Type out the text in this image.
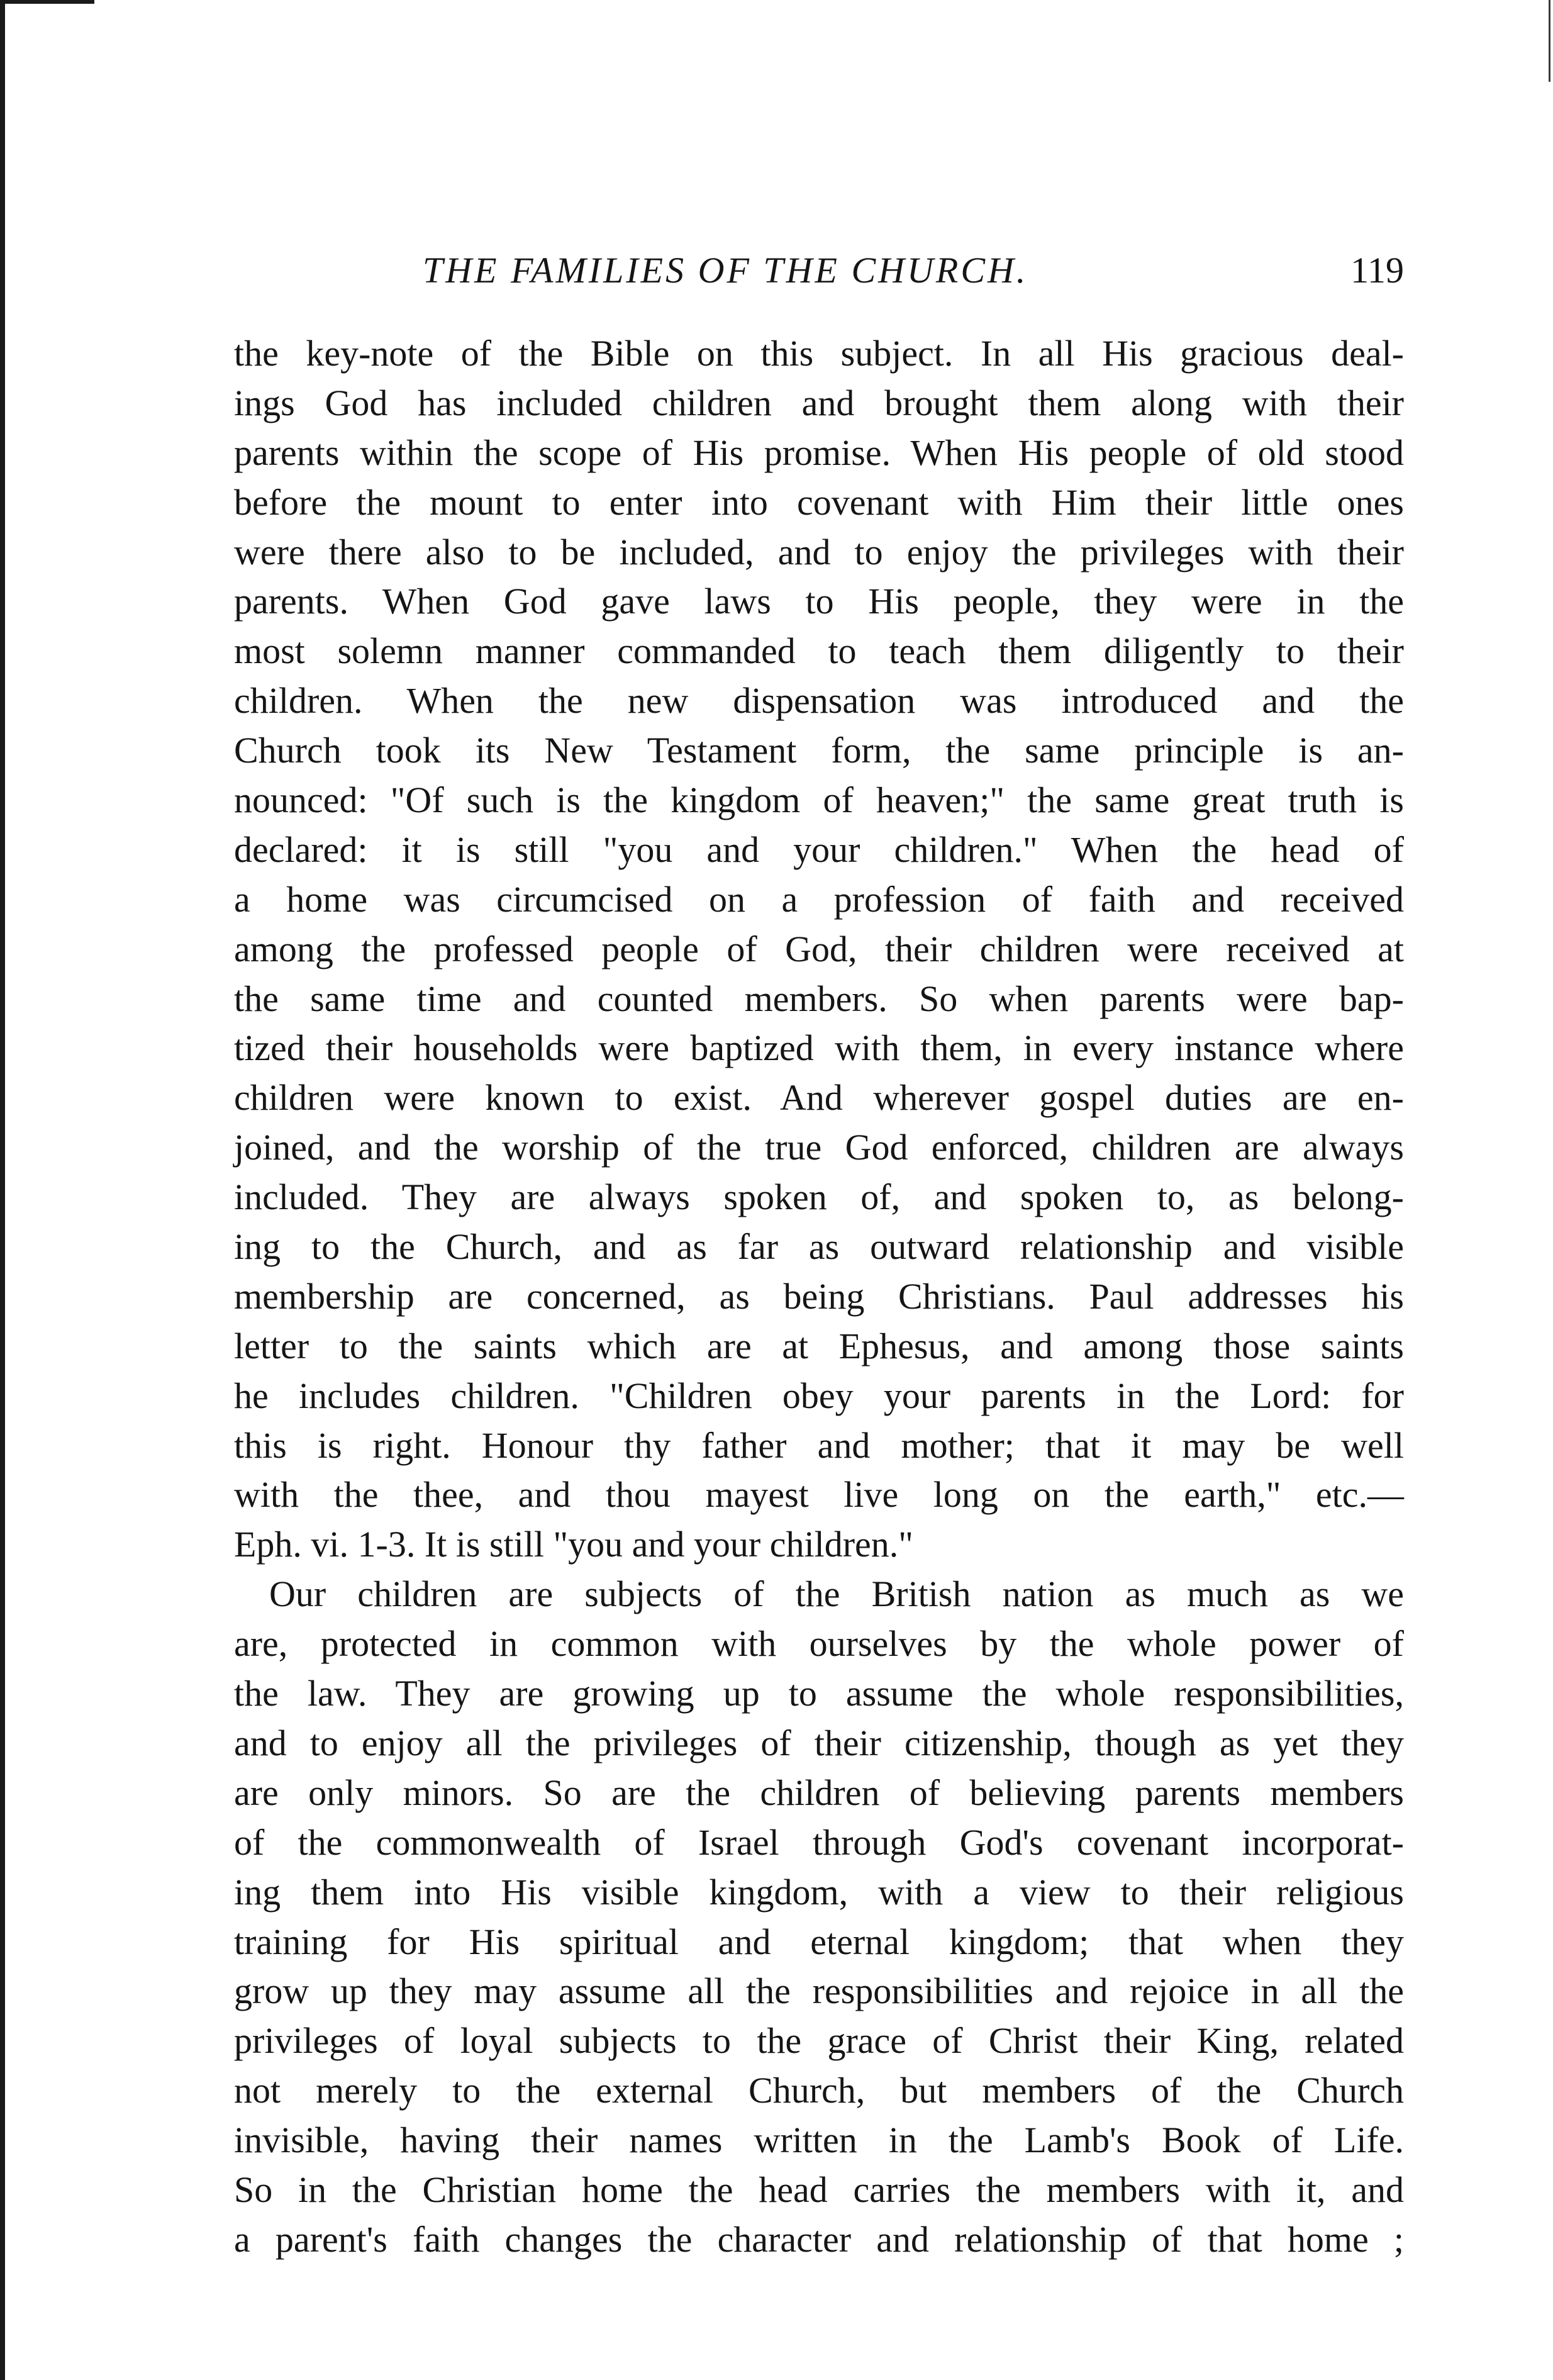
THE FAMILIES OF THE CHURCH.	119
the key-note of the Bible on this subject. In all His gracious deal-
ings God has included children and brought them along with their
parents within the scope of His promise. When His people of old stood
before the mount to enter into covenant with Him their little ones
were there also to be included, and to enjoy the privileges with their
parents. When God gave laws to His people, they were in the
most solemn manner commanded to teach them diligently to their
children. When the new dispensation was introduced and the
Church took its New Testament form, the same principle is an-
nounced: "Of such is the kingdom of heaven;" the same great truth is
declared: it is still "you and your children." When the head of
a home was circumcised on a profession of faith and received
among the professed people of God, their children were received at
the same time and counted members. So when parents were bap-
tized their households were baptized with them, in every instance where
children were known to exist. And wherever gospel duties are en-
joined, and the worship of the true God enforced, children are always
included. They are always spoken of, and spoken to, as belong-
ing to the Church, and as far as outward relationship and visible
membership are concerned, as being Christians. Paul addresses his
letter to the saints which are at Ephesus, and among those saints
he includes children. "Children obey your parents in the Lord: for
this is right. Honour thy father and mother; that it may be well
with the thee, and thou mayest live long on the earth," etc.—
Eph. vi. 1-3. It is still "you and your children."
Our children are subjects of the British nation as much as we
are, protected in common with ourselves by the whole power of
the law. They are growing up to assume the whole responsibilities,
and to enjoy all the privileges of their citizenship, though as yet they
are only minors. So are the children of believing parents members
of the commonwealth of Israel through God's covenant incorporat-
ing them into His visible kingdom, with a view to their religious
training for His spiritual and eternal kingdom; that when they
grow up they may assume all the responsibilities and rejoice in all the
privileges of loyal subjects to the grace of Christ their King, related
not merely to the external Church, but members of the Church
invisible, having their names written in the Lamb's Book of Life.
So in the Christian home the head carries the members with it, and
a parent's faith changes the character and relationship of that home ;
